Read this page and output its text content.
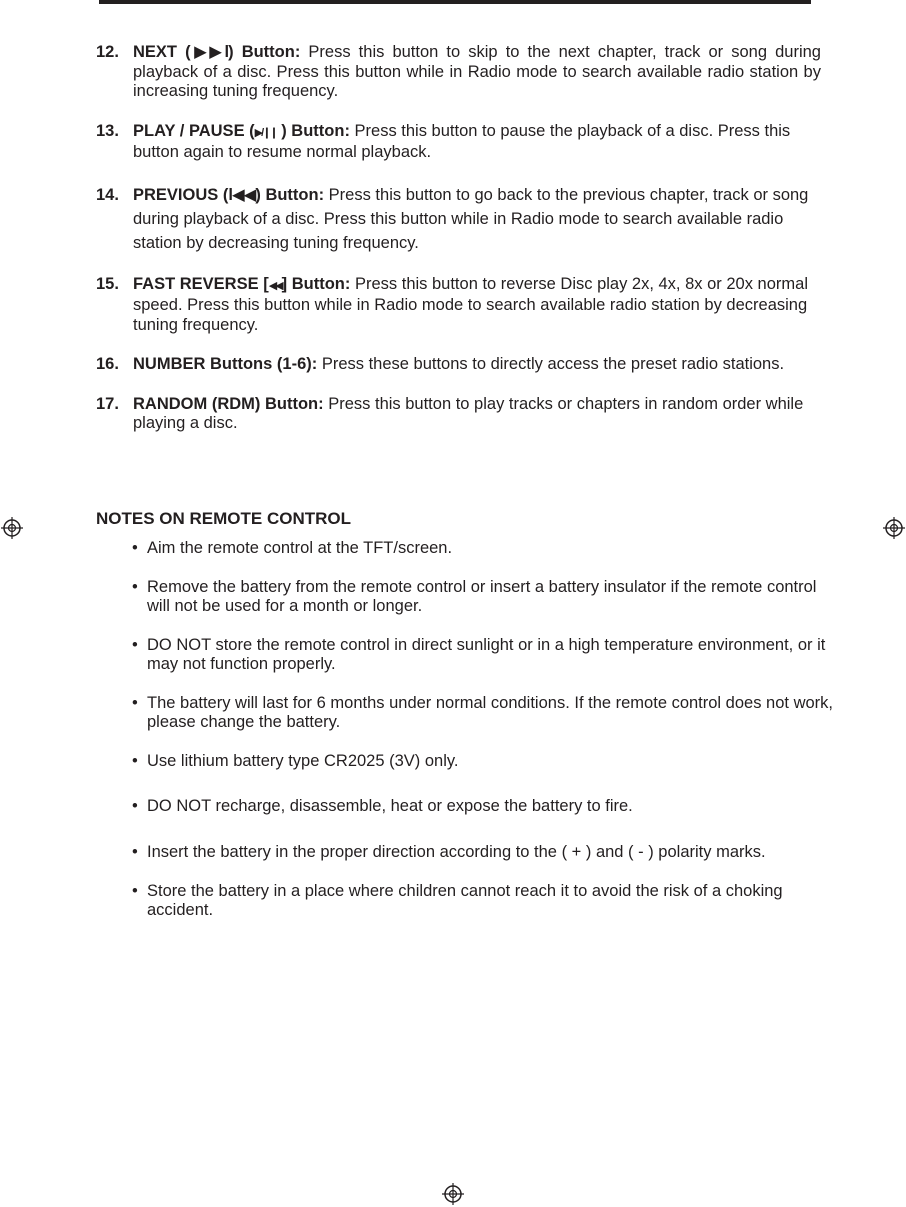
12. NEXT (▶▶l) Button: Press this button to skip to the next chapter, track or song during playback of a disc. Press this button while in Radio mode to search available radio station by increasing tuning frequency.
13. PLAY / PAUSE (▶/❙❙ ) Button: Press this button to pause the playback of a disc. Press this button again to resume normal playback.
14. PREVIOUS (l◀◀) Button: Press this button to go back to the previous chapter, track or song during playback of a disc. Press this button while in Radio mode to search available radio station by decreasing tuning frequency.
15. FAST REVERSE [◀◀] Button: Press this button to reverse Disc play 2x, 4x, 8x or 20x normal speed. Press this button while in Radio mode to search available radio station by decreasing tuning frequency.
16. NUMBER Buttons (1-6): Press these buttons to directly access the preset radio stations.
17. RANDOM (RDM) Button: Press this button to play tracks or chapters in random order while playing a disc.
NOTES ON REMOTE CONTROL
• Aim the remote control at the TFT/screen.
• Remove the battery from the remote control or insert a battery insulator if the remote control will not be used for a month or longer.
• DO NOT store the remote control in direct sunlight or in a high temperature environment, or it may not function properly.
• The battery will last for 6 months under normal conditions. If the remote control does not work, please change the battery.
• Use lithium battery type CR2025 (3V) only.
• DO NOT recharge, disassemble, heat or expose the battery to fire.
• Insert the battery in the proper direction according to the ( + ) and ( - ) polarity marks.
• Store the battery in a place where children cannot reach it to avoid the risk of a choking accident.
